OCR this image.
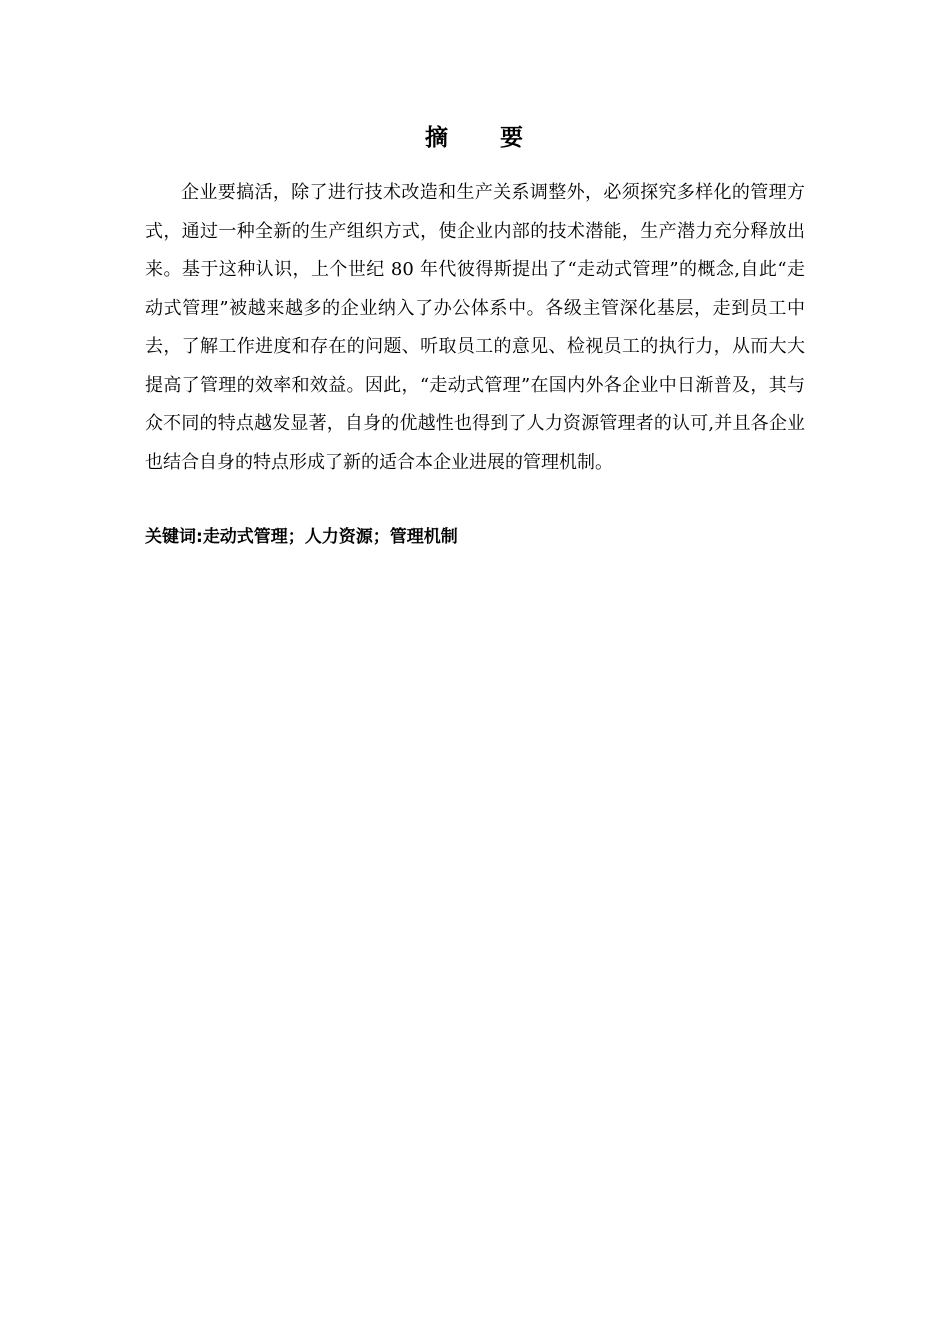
摘 要

企业要搞活，除了进行技术改造和生产关系调整外，必须探究多样化的管理方式，通过一种全新的生产组织方式，使企业内部的技术潜能，生产潜力充分释放出来。基于这种认识，上个世纪 80 年代彼得斯提出了“走动式管理”的概念,自此“走动式管理”被越来越多的企业纳入了办公体系中。各级主管深化基层，走到员工中去，了解工作进度和存在的问题、听取员工的意见、检视员工的执行力，从而大大提高了管理的效率和效益。因此，“走动式管理”在国内外各企业中日渐普及，其与众不同的特点越发显著，自身的优越性也得到了人力资源管理者的认可,并且各企业也结合自身的特点形成了新的适合本企业进展的管理机制。

关键词:走动式管理；人力资源；管理机制
